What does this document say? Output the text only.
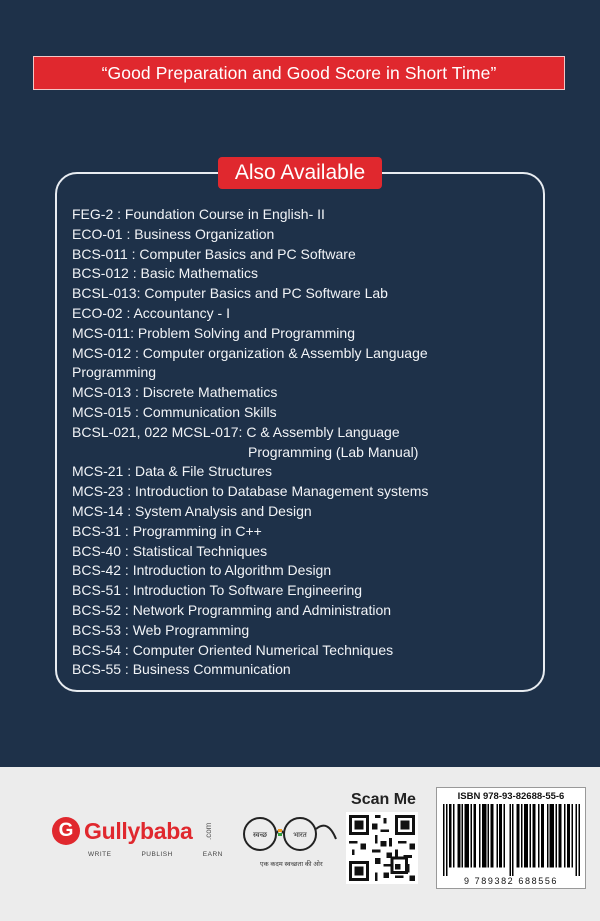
“Good Preparation and Good Score in Short Time”
Also Available
FEG-2 : Foundation Course in English- II
ECO-01 : Business Organization
BCS-011 : Computer Basics and PC Software
BCS-012 : Basic Mathematics
BCSL-013: Computer Basics and PC Software Lab
ECO-02 : Accountancy - I
MCS-011: Problem Solving and Programming
MCS-012 : Computer organization & Assembly Language
Programming
MCS-013 : Discrete Mathematics
MCS-015 : Communication Skills
BCSL-021, 022 MCSL-017: C & Assembly Language
Programming (Lab Manual)
MCS-21 : Data & File Structures
MCS-23 : Introduction to Database Management systems
MCS-14 : System Analysis and Design
BCS-31 : Programming in C++
BCS-40 : Statistical Techniques
BCS-42 : Introduction to Algorithm Design
BCS-51 : Introduction To Software Engineering
BCS-52 : Network Programming and Administration
BCS-53 : Web Programming
BCS-54 : Computer Oriented Numerical Techniques
BCS-55 : Business Communication
G Gullybaba .com
WRITE	PUBLISH	EARN
स्वच्छ	भारत
एक कदम स्वच्छता की ओर
Scan Me	ISBN 978-93-82688-55-6
9 789382 688556
